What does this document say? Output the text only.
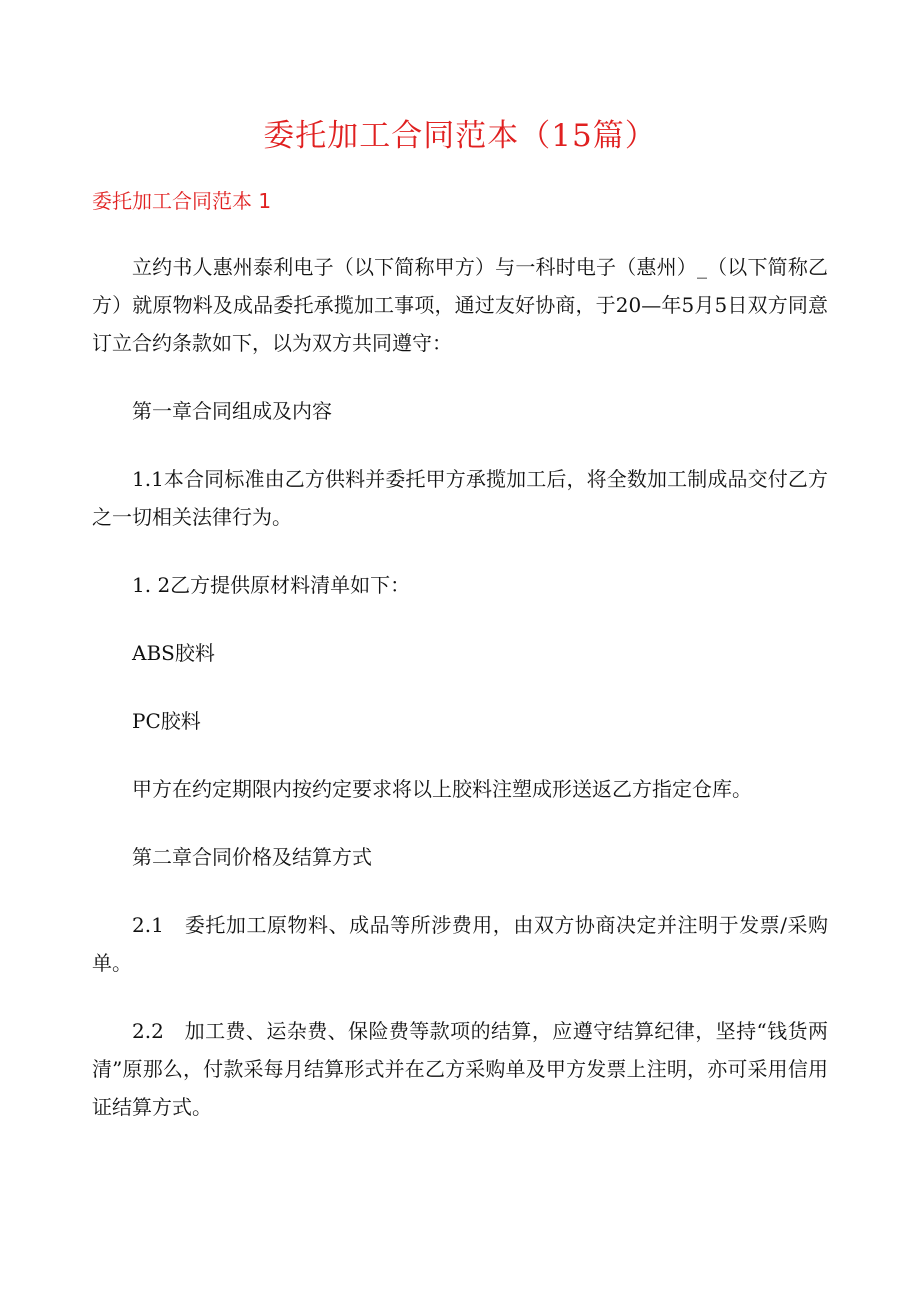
委托加工合同范本（15篇）
委托加工合同范本 1

立约书人惠州泰利电子（以下简称甲方）与一科时电子（惠州）_（以下简称乙方）就原物料及成品委托承揽加工事项，通过友好协商，于20—年5月5日双方同意订立合约条款如下，以为双方共同遵守：

第一章合同组成及内容

1.1本合同标准由乙方供料并委托甲方承揽加工后，将全数加工制成品交付乙方之一切相关法律行为。

1. 2乙方提供原材料清单如下：

ABS胶料

PC胶料

甲方在约定期限内按约定要求将以上胶料注塑成形送返乙方指定仓库。

第二章合同价格及结算方式

2.1　委托加工原物料、成品等所涉费用，由双方协商决定并注明于发票/采购单。

2.2　加工费、运杂费、保险费等款项的结算，应遵守结算纪律，坚持“钱货两清”原那么，付款采每月结算形式并在乙方采购单及甲方发票上注明，亦可采用信用证结算方式。
